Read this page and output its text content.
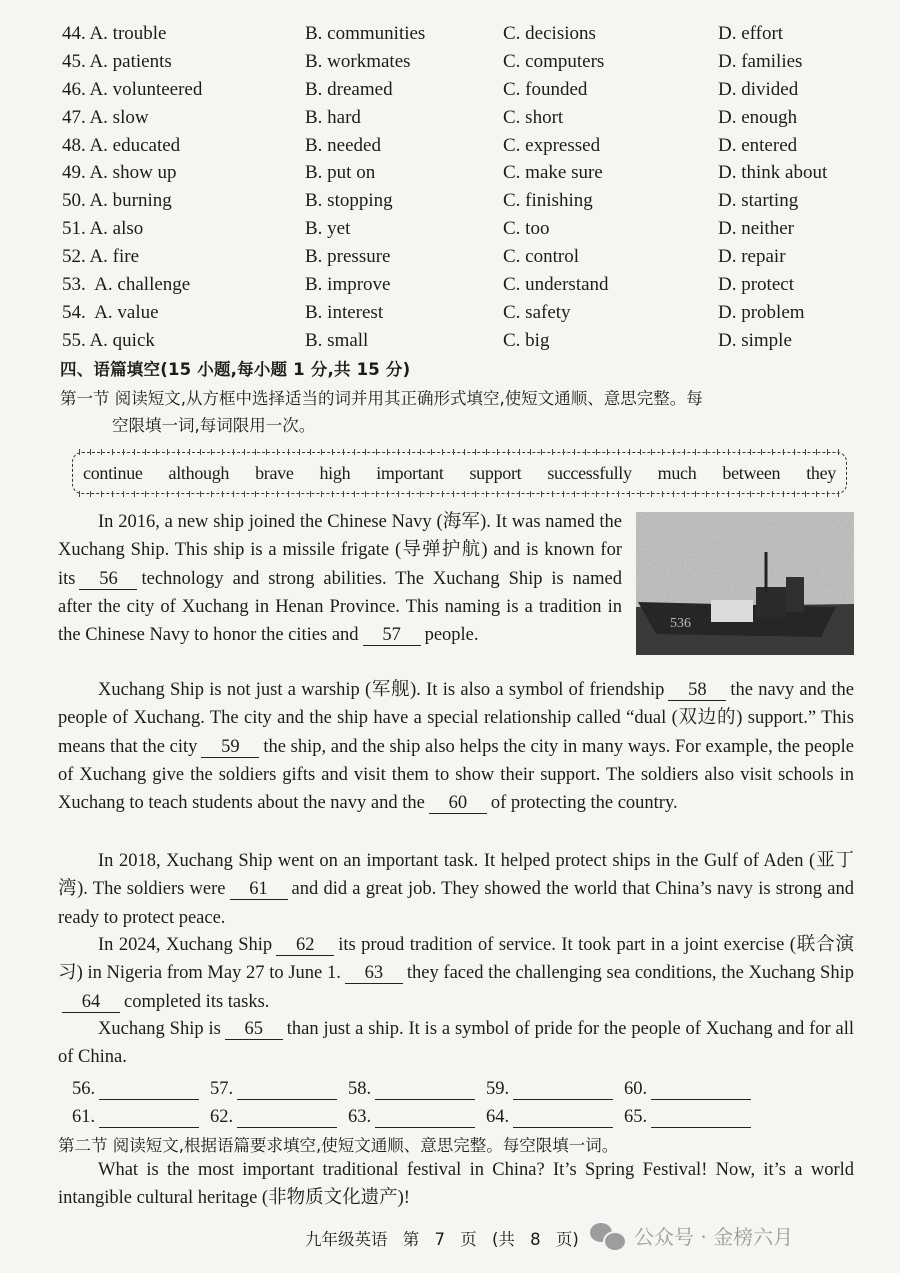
44. A. trouble	B. communities	C. decisions	D. effort
45. A. patients	B. workmates	C. computers	D. families
46. A. volunteered	B. dreamed	C. founded	D. divided
47. A. slow	B. hard	C. short	D. enough
48. A. educated	B. needed	C. expressed	D. entered
49. A. show up	B. put on	C. make sure	D. think about
50. A. burning	B. stopping	C. finishing	D. starting
51. A. also	B. yet	C. too	D. neither
52. A. fire	B. pressure	C. control	D. repair
53.  A. challenge	B. improve	C. understand	D. protect
54.  A. value	B. interest	C. safety	D. problem
55. A. quick	B. small	C. big	D. simple
四、语篇填空(15 小题,每小题 1 分,共 15 分)
第一节 阅读短文,从方框中选择适当的词并用其正确形式填空,使短文通顺、意思完整。每
空限填一词,每词限用一次。
continue although brave high important support successfully much between they
In 2016, a new ship joined the Chinese Navy (海军). It was named the Xuchang Ship. This ship is a missile frigate (导弹护航) and is known for its 56 technology and strong abilities. The Xuchang Ship is named after the city of Xuchang in Henan Province. This naming is a tradition in the Chinese Navy to honor the cities and 57 people.
536
Xuchang Ship is not just a warship (军舰). It is also a symbol of friendship 58 the navy and the people of Xuchang. The city and the ship have a special relationship called “dual (双边的) support.” This means that the city 59 the ship, and the ship also helps the city in many ways. For example, the people of Xuchang give the soldiers gifts and visit them to show their support. The soldiers also visit schools in Xuchang to teach students about the navy and the 60 of protecting the country.
In 2018, Xuchang Ship went on an important task. It helped protect ships in the Gulf of Aden (亚丁湾). The soldiers were 61 and did a great job. They showed the world that China’s navy is strong and ready to protect peace.
In 2024, Xuchang Ship 62 its proud tradition of service. It took part in a joint exercise (联合演习) in Nigeria from May 27 to June 1. 63 they faced the challenging sea conditions, the Xuchang Ship64 completed its tasks.
Xuchang Ship is 65 than just a ship. It is a symbol of pride for the people of Xuchang and for all of China.
56.	57.	58.	59.	60.
61.	62.	63.	64.	65.
第二节 阅读短文,根据语篇要求填空,使短文通顺、意思完整。每空限填一词。
What is the most important traditional festival in China? It’s Spring Festival! Now, it’s a world intangible cultural heritage (非物质文化遗产)!
九年级英语 第 7 页 (共 8 页)	公众号 · 金榜六月
